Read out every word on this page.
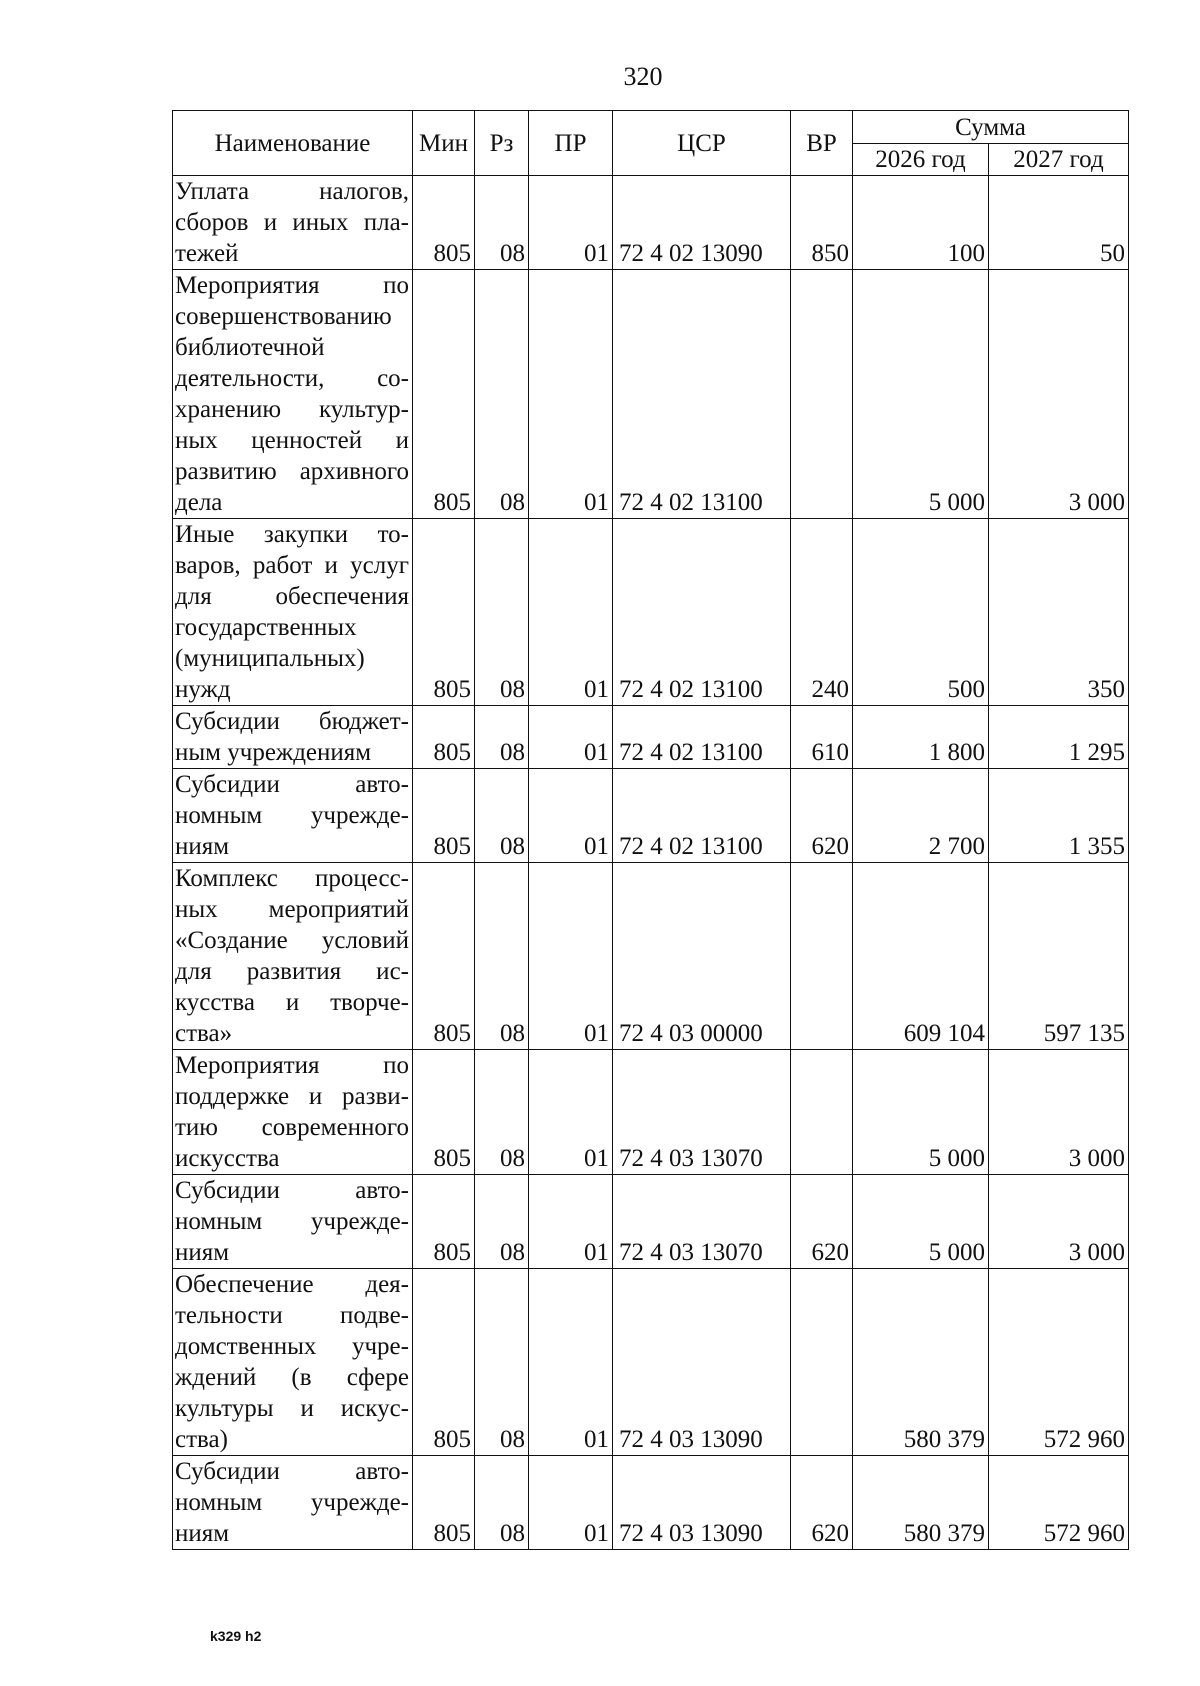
320
Наименование	Мин	Рз	ПР	ЦСР	ВР	Сумма	
						2026 год	2027 год
Уплата налогов, сборов и иных платежей	805	08	01	72 4 02 13090	850	100	50
Мероприятия по совершенствованию библиотечной деятельности, сохранению культурных ценностей и развитию архивного дела	805	08	01	72 4 02 13100		5 000	3 000
Иные закупки товаров, работ и услуг для обеспечения государственных (муниципальных) нужд	805	08	01	72 4 02 13100	240	500	350
Субсидии бюджетным учреждениям	805	08	01	72 4 02 13100	610	1 800	1 295
Субсидии автономным учреждениям	805	08	01	72 4 02 13100	620	2 700	1 355
Комплекс процессных мероприятий «Создание условий для развития искусства и творчества»	805	08	01	72 4 03 00000		609 104	597 135
Мероприятия по поддержке и развитию современного искусства	805	08	01	72 4 03 13070		5 000	3 000
Субсидии автономным учреждениям	805	08	01	72 4 03 13070	620	5 000	3 000
Обеспечение деятельности подведомственных учреждений (в сфере культуры и искусства)	805	08	01	72 4 03 13090		580 379	572 960
Субсидии автономным учреждениям	805	08	01	72 4 03 13090	620	580 379	572 960
k329 h2
